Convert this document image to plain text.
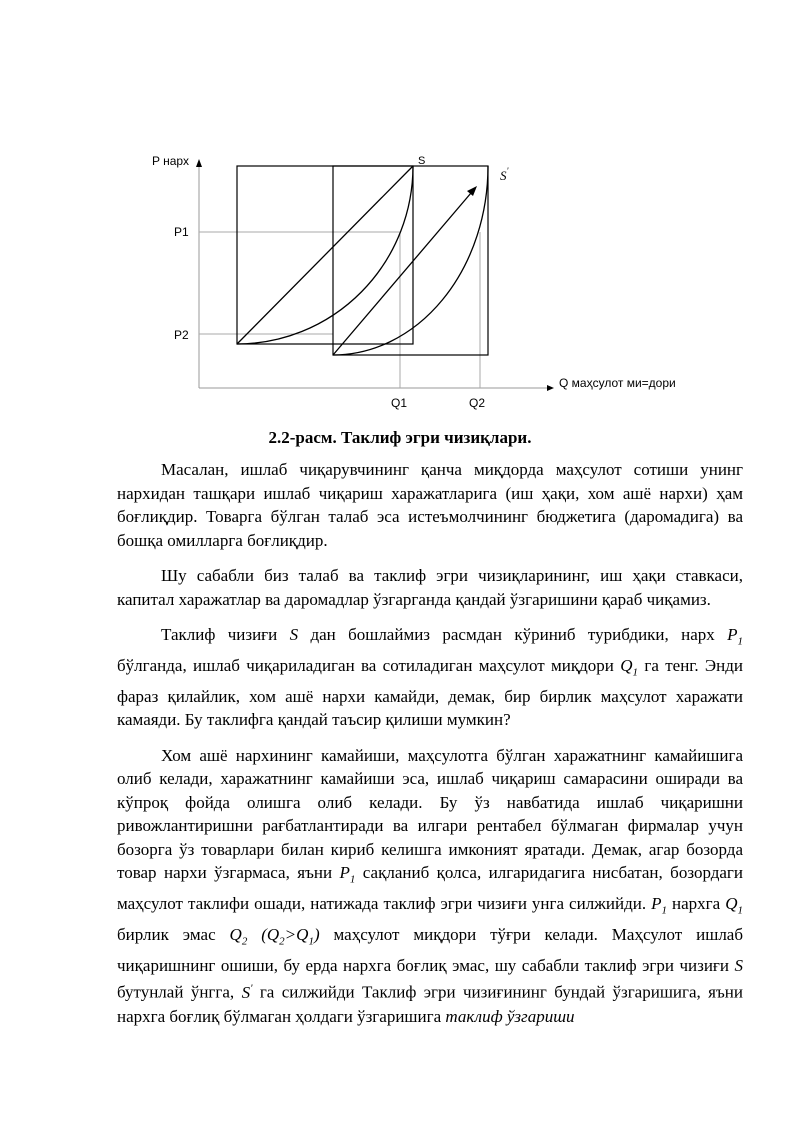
P нарх
P1
P2
Q1	Q2
Q маҳсулот ми=дори
S
S'
2.2-расм. Таклиф эгри чизиқлари.

Масалан, ишлаб чиқарувчининг қанча миқдорда маҳсулот сотиши унинг нархидан ташқари ишлаб чиқариш харажатларига (иш ҳақи, хом ашё нархи) ҳам боғлиқдир. Товарга бўлган талаб эса истеъмолчининг бюджетига (даромадига) ва бошқа омилларга боғлиқдир.

Шу сабабли биз талаб ва таклиф эгри чизиқларининг, иш ҳақи ставкаси, капитал харажатлар ва даромадлар ўзгарганда қандай ўзгаришини қараб чиқамиз.

Таклиф чизиғи S дан бошлаймиз расмдан кўриниб турибдики, нарх $P_1$ бўлганда, ишлаб чиқариладиган ва сотиладиган маҳсулот миқдори $Q_1$ га тенг. Энди фараз қилайлик, хом ашё нархи камайди, демак, бир бирлик маҳсулот харажати камаяди. Бу таклифга қандай таъсир қилиши мумкин?

Хом ашё нархининг камайиши, маҳсулотга бўлган харажатнинг камайишига олиб келади, харажатнинг камайиши эса, ишлаб чиқариш самарасини оширади ва кўпроқ фойда олишга олиб келади. Бу ўз навбатида ишлаб чиқаришни ривожлантиришни рағбатлантиради ва илгари рентабел бўлмаган фирмалар учун бозорга ўз товарлари билан кириб келишга имконият яратади. Демак, агар бозорда товар нархи ўзгармаса, яъни $P_1$ сақланиб қолса, илгаридагига нисбатан, бозордаги маҳсулот таклифи ошади, натижада таклиф эгри чизиғи унга силжийди. $P_1$ нархга $Q_1$ бирлик эмас $Q_2$ $(Q_2>Q_1)$ маҳсулот миқдори тўғри келади. Маҳсулот ишлаб чиқаришнинг ошиши, бу ерда нархга боғлиқ эмас, шу сабабли таклиф эгри чизиғи S бутунлай ўнгга, S' га силжийди Таклиф эгри чизиғининг бундай ўзгаришига, яъни нархга боғлиқ бўлмаган ҳолдаги ўзгаришига таклиф ўзгариши
